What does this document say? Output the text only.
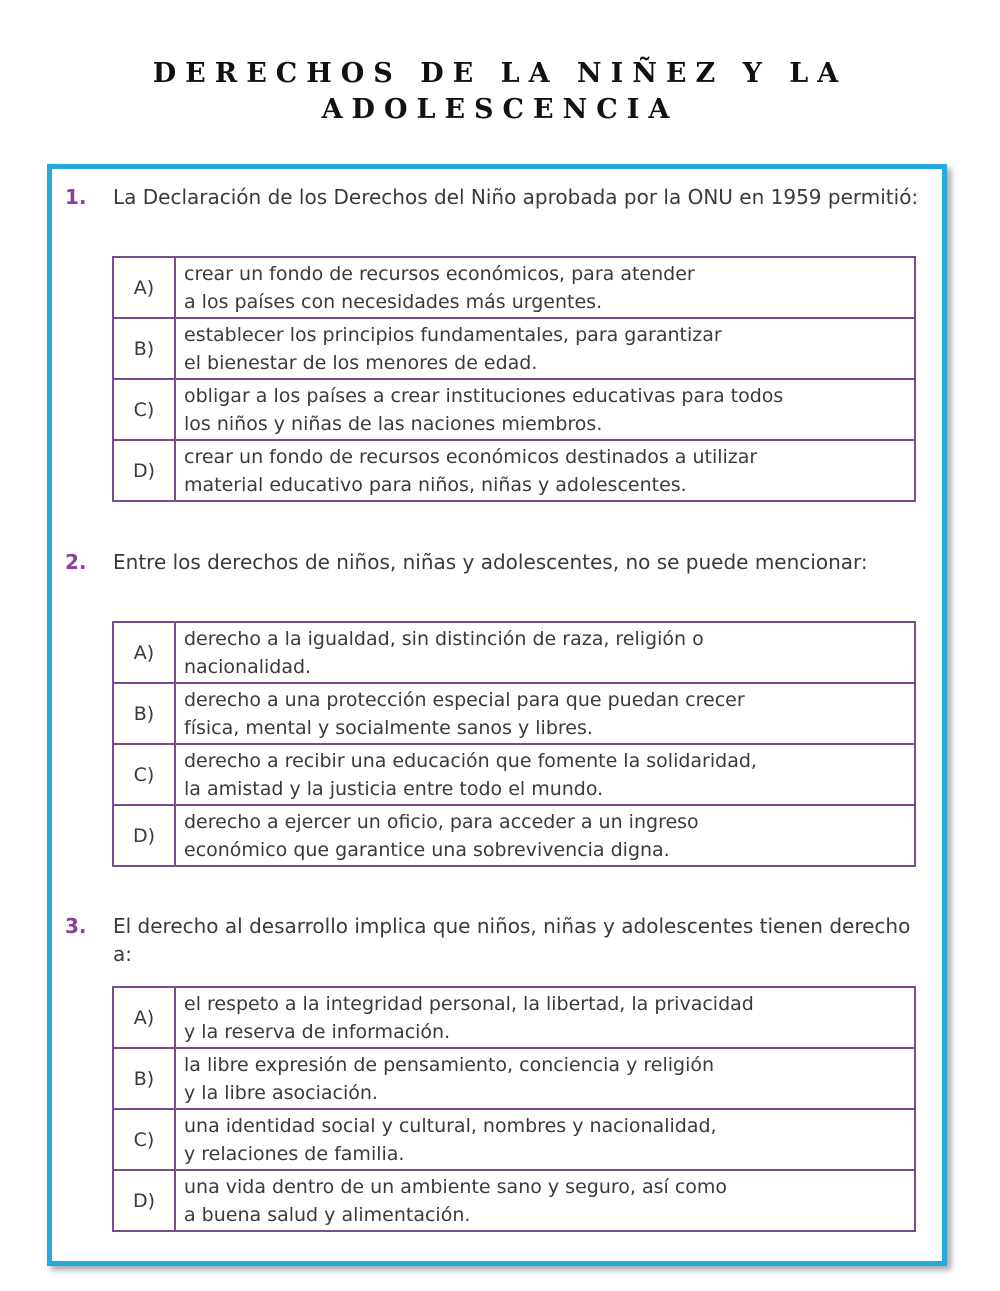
DERECHOS DE LA NIÑEZ Y LA
ADOLESCENCIA
1. La Declaración de los Derechos del Niño aprobada por la ONU en 1959 permitió:
A)	crear un fondo de recursos económicos, para atender
a los países con necesidades más urgentes.
B)	establecer los principios fundamentales, para garantizar
el bienestar de los menores de edad.
C)	obligar a los países a crear instituciones educativas para todos
los niños y niñas de las naciones miembros.
D)	crear un fondo de recursos económicos destinados a utilizar
material educativo para niños, niñas y adolescentes.
2. Entre los derechos de niños, niñas y adolescentes, no se puede mencionar:
A)	derecho a la igualdad, sin distinción de raza, religión o
nacionalidad.
B)	derecho a una protección especial para que puedan crecer
física, mental y socialmente sanos y libres.
C)	derecho a recibir una educación que fomente la solidaridad,
la amistad y la justicia entre todo el mundo.
D)	derecho a ejercer un oficio, para acceder a un ingreso
económico que garantice una sobrevivencia digna.
3. El derecho al desarrollo implica que niños, niñas y adolescentes tienen derecho a:
A)	el respeto a la integridad personal, la libertad, la privacidad
y la reserva de información.
B)	la libre expresión de pensamiento, conciencia y religión
y la libre asociación.
C)	una identidad social y cultural, nombres y nacionalidad,
y relaciones de familia.
D)	una vida dentro de un ambiente sano y seguro, así como
a buena salud y alimentación.
